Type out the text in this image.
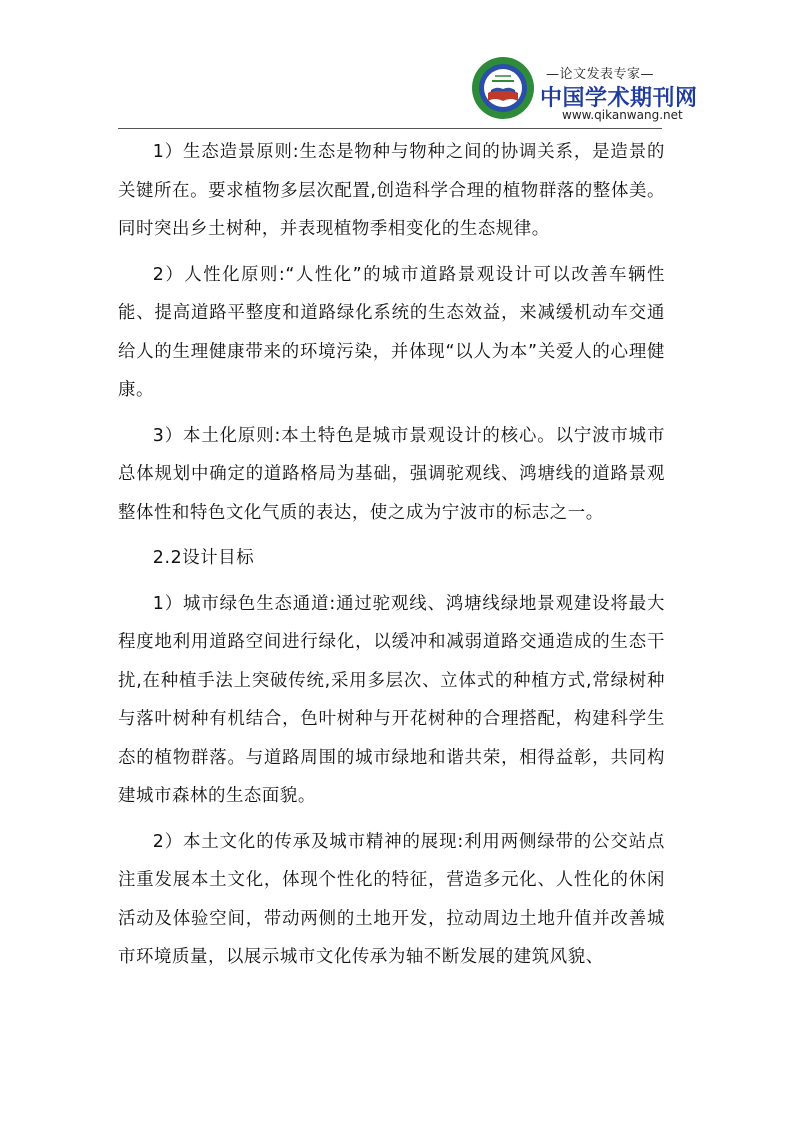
—论文发表专家—
中国学术期刊网
www.qikanwang.net

1）生态造景原则:生态是物种与物种之间的协调关系，是造景的关键所在。要求植物多层次配置,创造科学合理的植物群落的整体美。同时突出乡土树种，并表现植物季相变化的生态规律。

2）人性化原则:“人性化”的城市道路景观设计可以改善车辆性能、提高道路平整度和道路绿化系统的生态效益，来减缓机动车交通给人的生理健康带来的环境污染，并体现“以人为本”关爱人的心理健康。

3）本土化原则:本土特色是城市景观设计的核心。以宁波市城市总体规划中确定的道路格局为基础，强调驼观线、鸿塘线的道路景观整体性和特色文化气质的表达，使之成为宁波市的标志之一。

2.2设计目标

1）城市绿色生态通道:通过驼观线、鸿塘线绿地景观建设将最大程度地利用道路空间进行绿化，以缓冲和减弱道路交通造成的生态干扰,在种植手法上突破传统,采用多层次、立体式的种植方式,常绿树种与落叶树种有机结合，色叶树种与开花树种的合理搭配，构建科学生态的植物群落。与道路周围的城市绿地和谐共荣，相得益彰，共同构建城市森林的生态面貌。

2）本土文化的传承及城市精神的展现:利用两侧绿带的公交站点注重发展本土文化，体现个性化的特征，营造多元化、人性化的休闲活动及体验空间，带动两侧的土地开发，拉动周边土地升值并改善城市环境质量，以展示城市文化传承为轴不断发展的建筑风貌、
